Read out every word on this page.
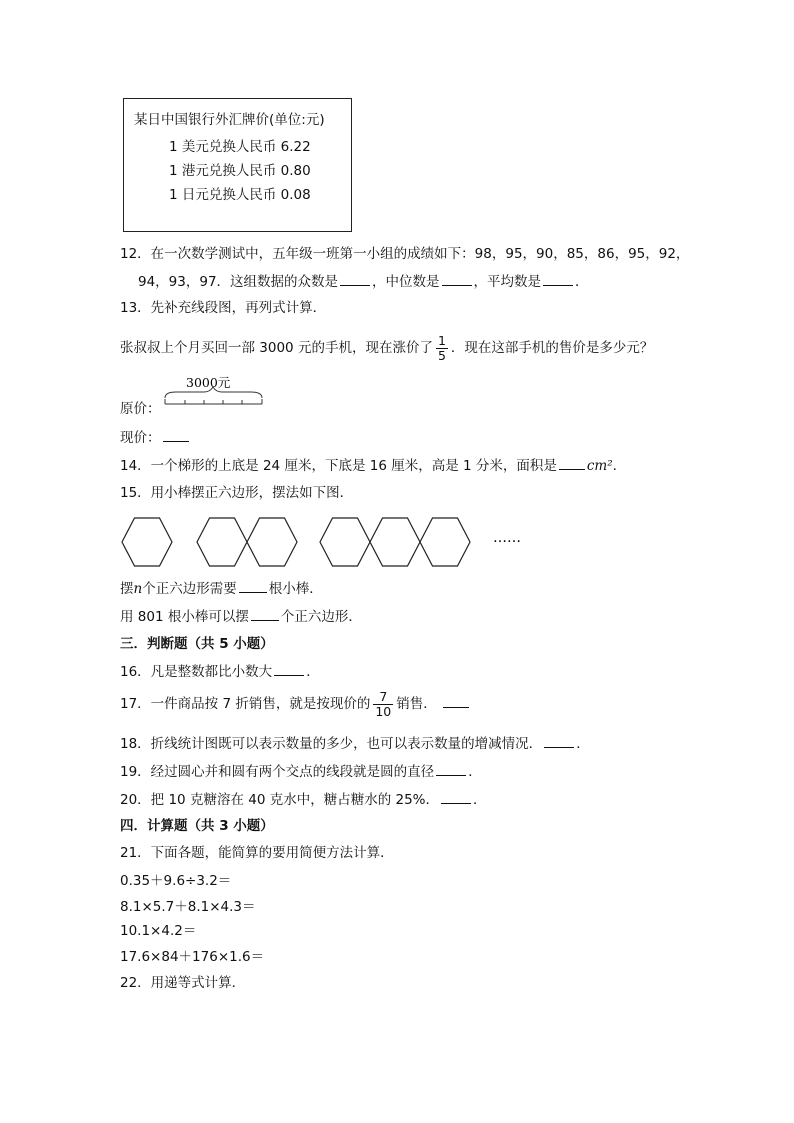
某日中国银行外汇牌价(单位:元)
1 美元兑换人民币 6.22
1 港元兑换人民币 0.80
1 日元兑换人民币 0.08
12．在一次数学测试中，五年级一班第一小组的成绩如下：98，95，90，85，86，95，92，
94，93，97．这组数据的众数是	，中位数是	，平均数是	．
13．先补充线段图，再列式计算．
张叔叔上个月买回一部 3000 元的手机，现在涨价了 $\frac{1}{5}$ ．现在这部手机的售价是多少元？
3000元
原价：
现价：
14．一个梯形的上底是 24 厘米，下底是 16 厘米，高是 1 分米，面积是 cm²．
15．用小棒摆正六边形，摆法如下图．
……
摆n个正六边形需要 根小棒．
用 801 根小棒可以摆 个正六边形．
三．判断题（共 5 小题）
16．凡是整数都比小数大	．
17．一件商品按 7 折销售，就是按现价的 $\frac{7}{10}$ 销售．
18．折线统计图既可以表示数量的多少，也可以表示数量的增减情况．	．
19．经过圆心并和圆有两个交点的线段就是圆的直径	．
20．把 10 克糖溶在 40 克水中，糖占糖水的 25%．	．
四．计算题（共 3 小题）
21．下面各题，能简算的要用简便方法计算．
0.35＋9.6÷3.2＝
8.1×5.7＋8.1×4.3＝
10.1×4.2＝
17.6×84＋176×1.6＝
22．用递等式计算．
